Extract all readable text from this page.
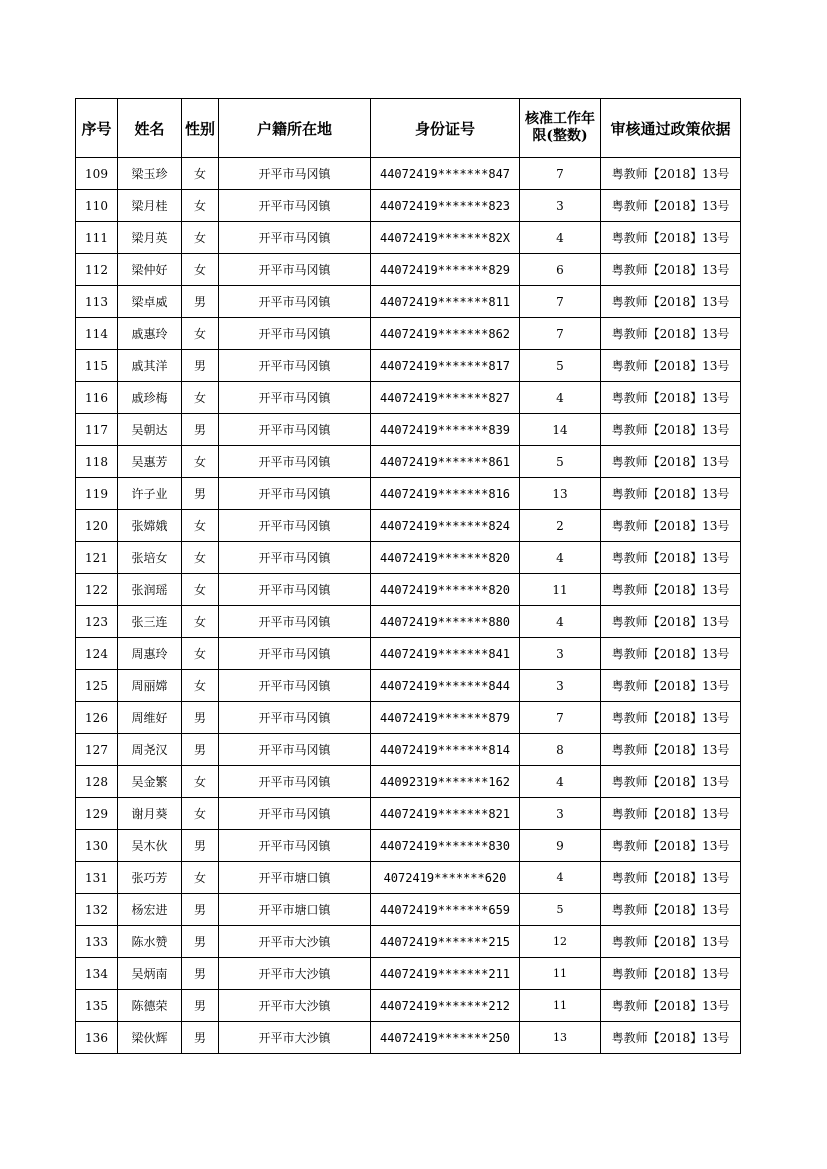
序号	姓名	性别	户籍所在地	身份证号	核准工作年限(整数)	审核通过政策依据
109	梁玉珍	女	开平市马冈镇	44072419*******847	7	粤教师【2018】13号
110	梁月桂	女	开平市马冈镇	44072419*******823	3	粤教师【2018】13号
111	梁月英	女	开平市马冈镇	44072419*******82X	4	粤教师【2018】13号
112	梁仲好	女	开平市马冈镇	44072419*******829	6	粤教师【2018】13号
113	梁卓威	男	开平市马冈镇	44072419*******811	7	粤教师【2018】13号
114	戚惠玲	女	开平市马冈镇	44072419*******862	7	粤教师【2018】13号
115	戚其洋	男	开平市马冈镇	44072419*******817	5	粤教师【2018】13号
116	戚珍梅	女	开平市马冈镇	44072419*******827	4	粤教师【2018】13号
117	吴朝达	男	开平市马冈镇	44072419*******839	14	粤教师【2018】13号
118	吴惠芳	女	开平市马冈镇	44072419*******861	5	粤教师【2018】13号
119	许子业	男	开平市马冈镇	44072419*******816	13	粤教师【2018】13号
120	张嫦娥	女	开平市马冈镇	44072419*******824	2	粤教师【2018】13号
121	张培女	女	开平市马冈镇	44072419*******820	4	粤教师【2018】13号
122	张润瑶	女	开平市马冈镇	44072419*******820	11	粤教师【2018】13号
123	张三连	女	开平市马冈镇	44072419*******880	4	粤教师【2018】13号
124	周惠玲	女	开平市马冈镇	44072419*******841	3	粤教师【2018】13号
125	周丽嫦	女	开平市马冈镇	44072419*******844	3	粤教师【2018】13号
126	周维好	男	开平市马冈镇	44072419*******879	7	粤教师【2018】13号
127	周尧汉	男	开平市马冈镇	44072419*******814	8	粤教师【2018】13号
128	吴金繁	女	开平市马冈镇	44092319*******162	4	粤教师【2018】13号
129	谢月葵	女	开平市马冈镇	44072419*******821	3	粤教师【2018】13号
130	吴木伙	男	开平市马冈镇	44072419*******830	9	粤教师【2018】13号
131	张巧芳	女	开平市塘口镇	4072419*******620	4	粤教师【2018】13号
132	杨宏进	男	开平市塘口镇	44072419*******659	5	粤教师【2018】13号
133	陈水赞	男	开平市大沙镇	44072419*******215	12	粤教师【2018】13号
134	吴炳南	男	开平市大沙镇	44072419*******211	11	粤教师【2018】13号
135	陈德荣	男	开平市大沙镇	44072419*******212	11	粤教师【2018】13号
136	梁伙辉	男	开平市大沙镇	44072419*******250	13	粤教师【2018】13号
